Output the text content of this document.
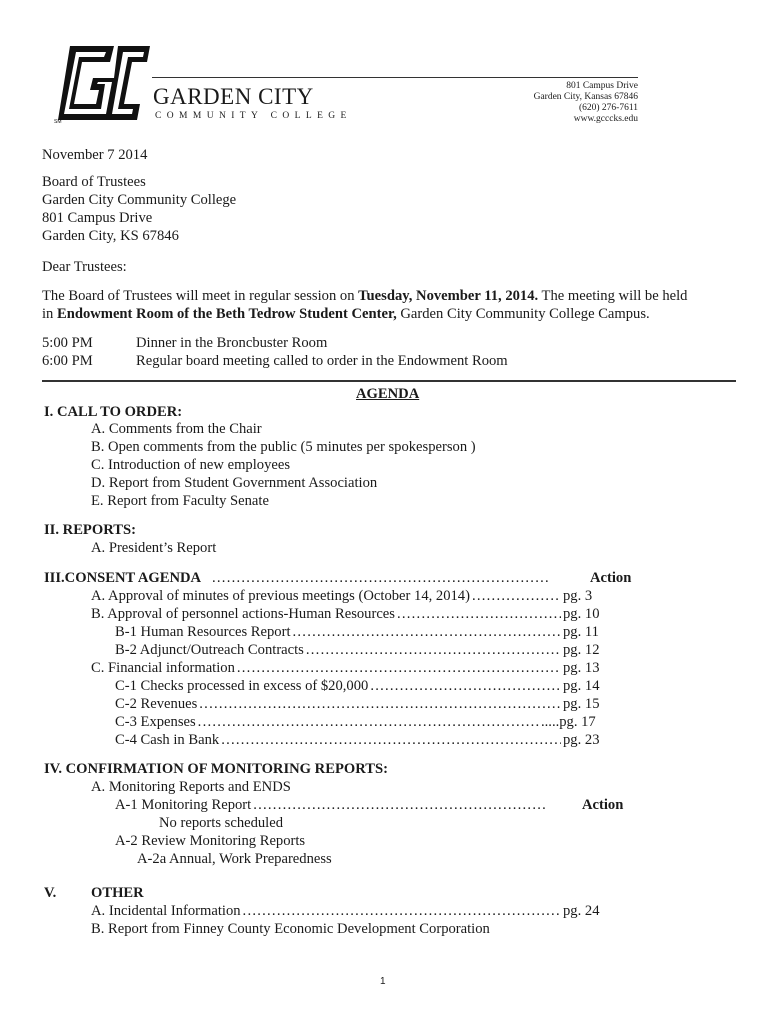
SM
GARDEN CITY
COMMUNITY COLLEGE
801 Campus Drive
Garden City, Kansas 67846
(620) 276-7611
www.gcccks.edu
November 7 2014
Board of Trustees
Garden City Community College
801 Campus Drive
Garden City, KS 67846
Dear Trustees:
The Board of Trustees will meet in regular session on Tuesday, November 11, 2014. The meeting will be held
in Endowment Room of the Beth Tedrow Student Center, Garden City Community College Campus.
5:00 PM	Dinner in the Broncbuster Room
6:00 PM	Regular board meeting called to order in the Endowment Room
AGENDA
I. CALL TO ORDER:
A. Comments from the Chair
B. Open comments from the public (5 minutes per spokesperson )
C. Introduction of new employees
D. Report from Student Government Association
E. Report from Faculty Senate
II. REPORTS:
A. President’s Report
III.CONSENT AGENDA
. . .	Action
A. Approval of minutes of previous meetings (October 14, 2014) . . .	pg. 3
B. Approval of personnel actions-Human Resources . . .	pg. 10
B-1 Human Resources Report . . .	pg. 11
B-2 Adjunct/Outreach Contracts . . .	pg. 12
C. Financial information . . .	pg. 13
C-1 Checks processed in excess of $20,000 . . .	pg. 14
C-2 Revenues . . .	pg. 15
C-3 Expenses . . .	.....pg. 17
C-4 Cash in Bank . . .	pg. 23
IV. CONFIRMATION OF MONITORING REPORTS:
A. Monitoring Reports and ENDS
A-1 Monitoring Report . . .	Action
No reports scheduled
A-2 Review Monitoring Reports
A-2a Annual, Work Preparedness
V. OTHER
A. Incidental Information . . .	pg. 24
B. Report from Finney County Economic Development Corporation
1
